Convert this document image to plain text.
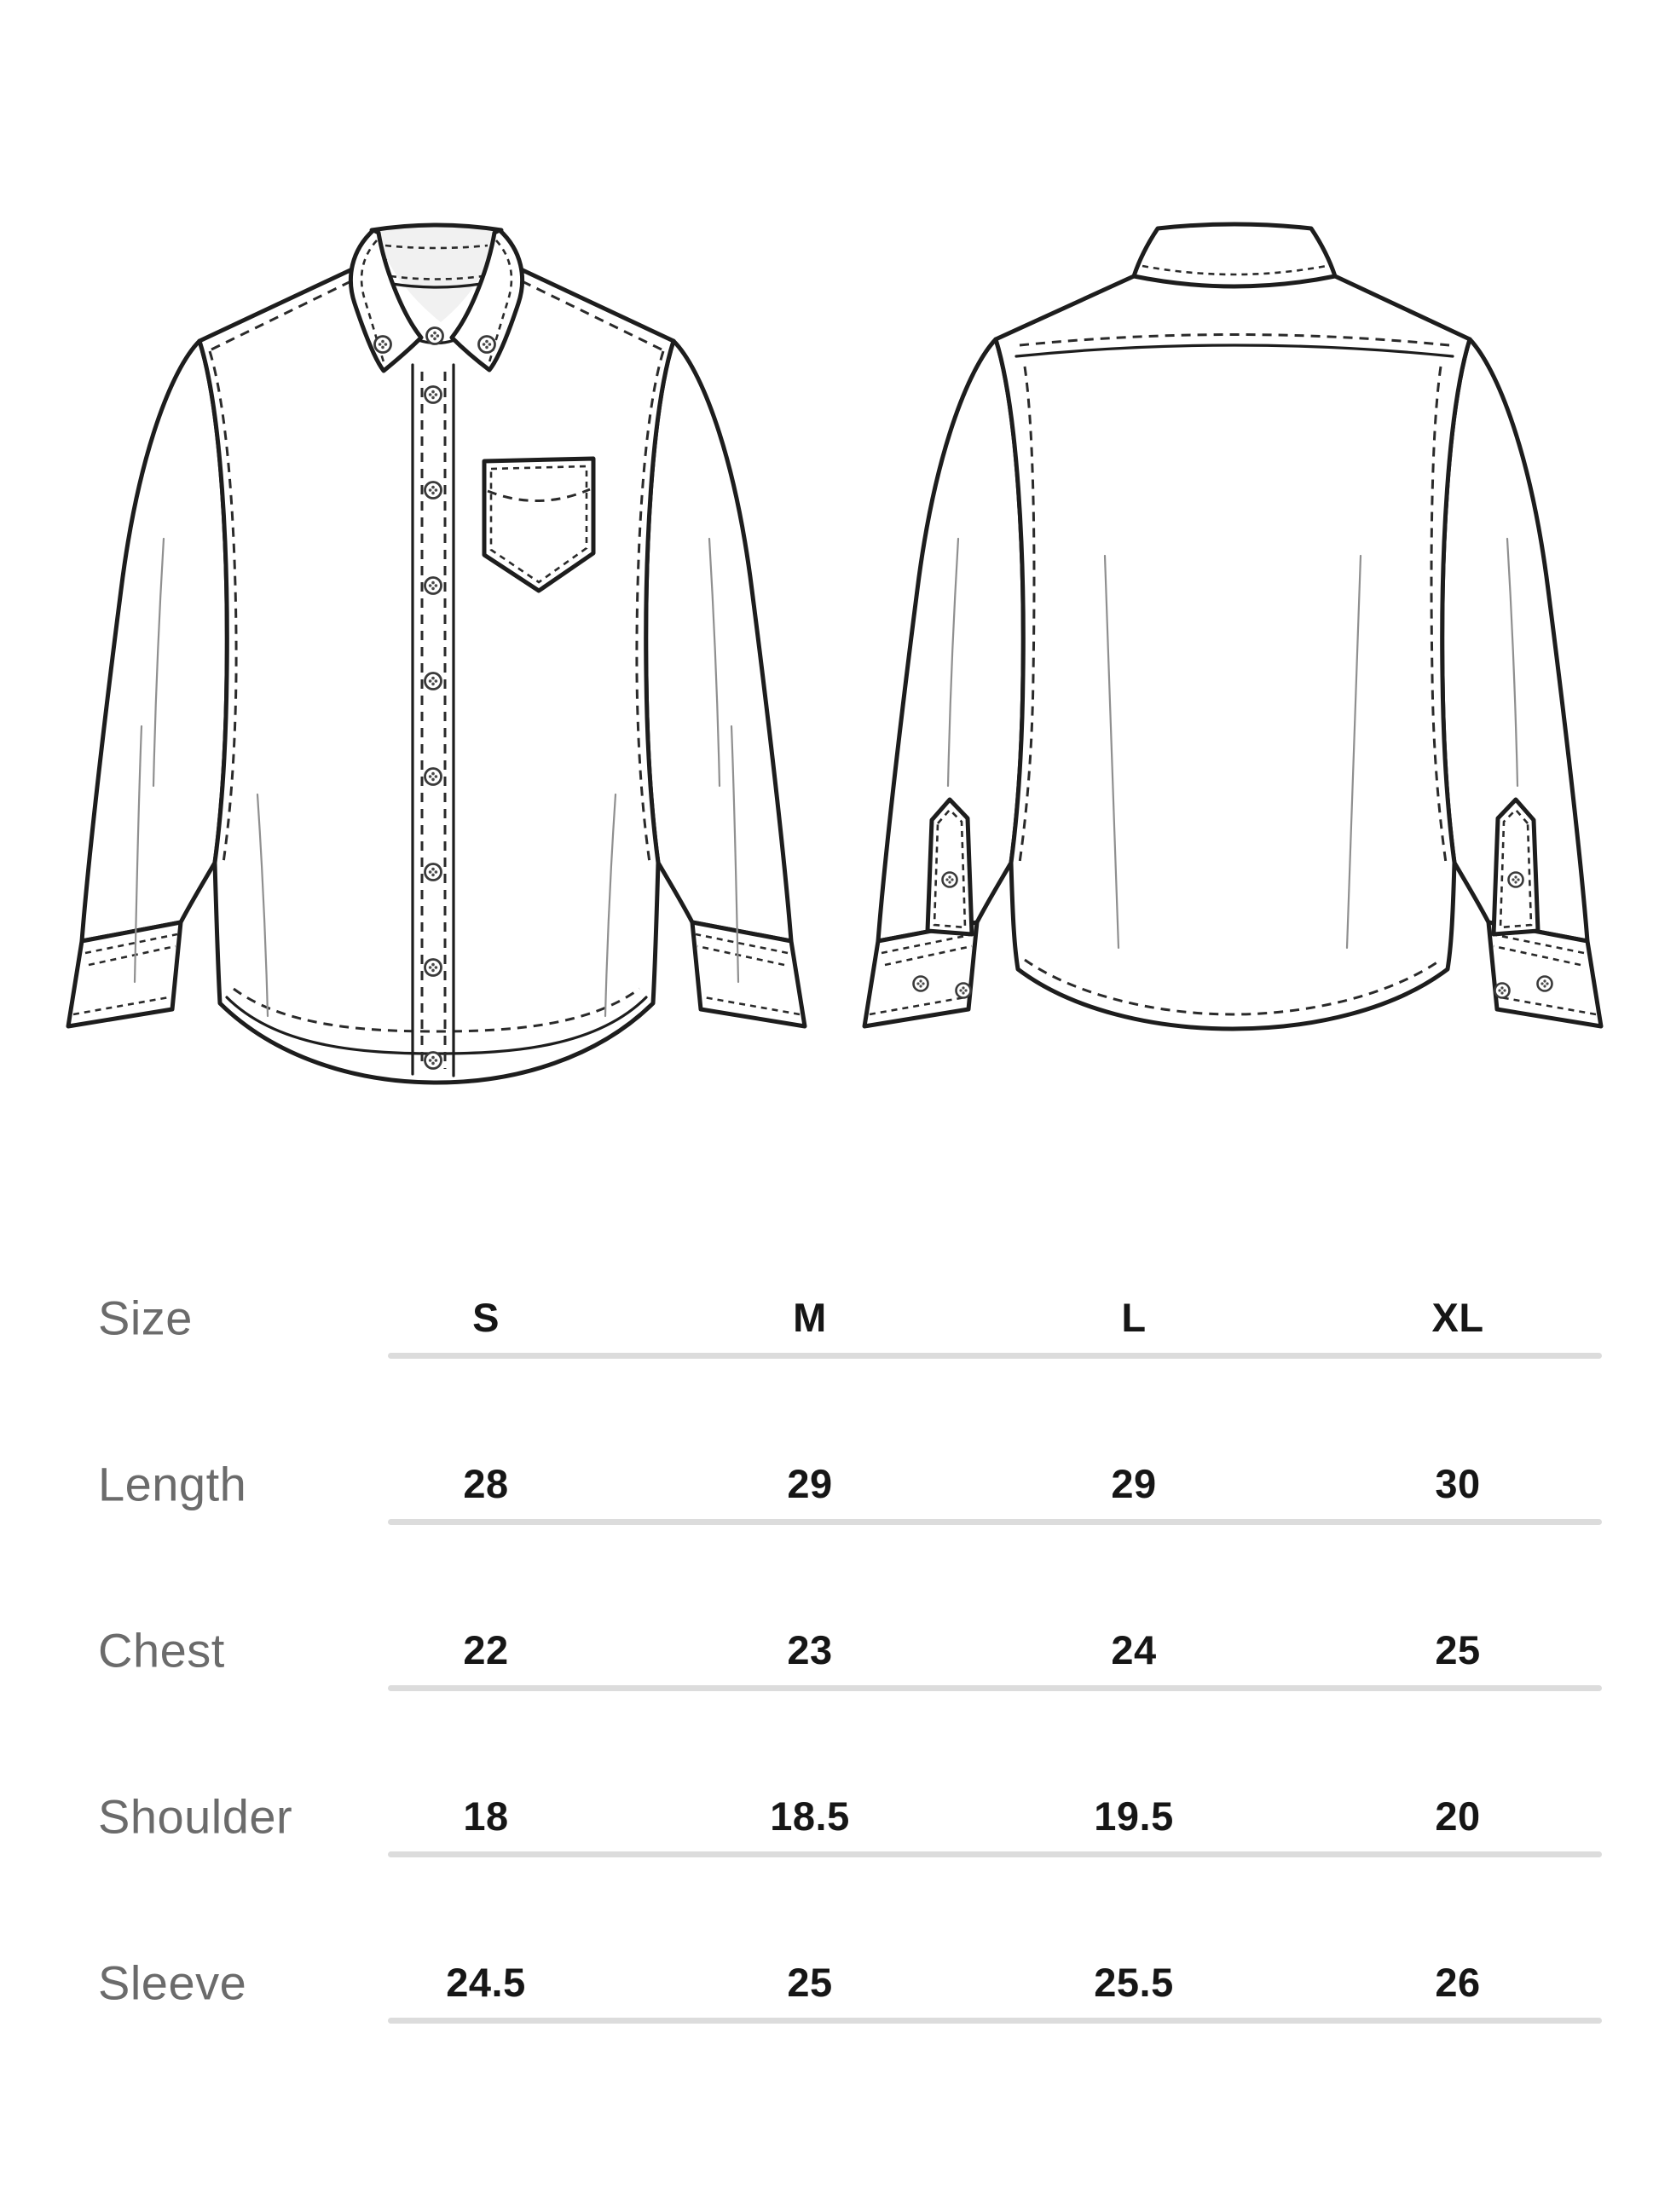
Size	S	M	L	XL
Length	28	29	29	30
Chest	22	23	24	25
Shoulder	18	18.5	19.5	20
Sleeve	24.5	25	25.5	26
